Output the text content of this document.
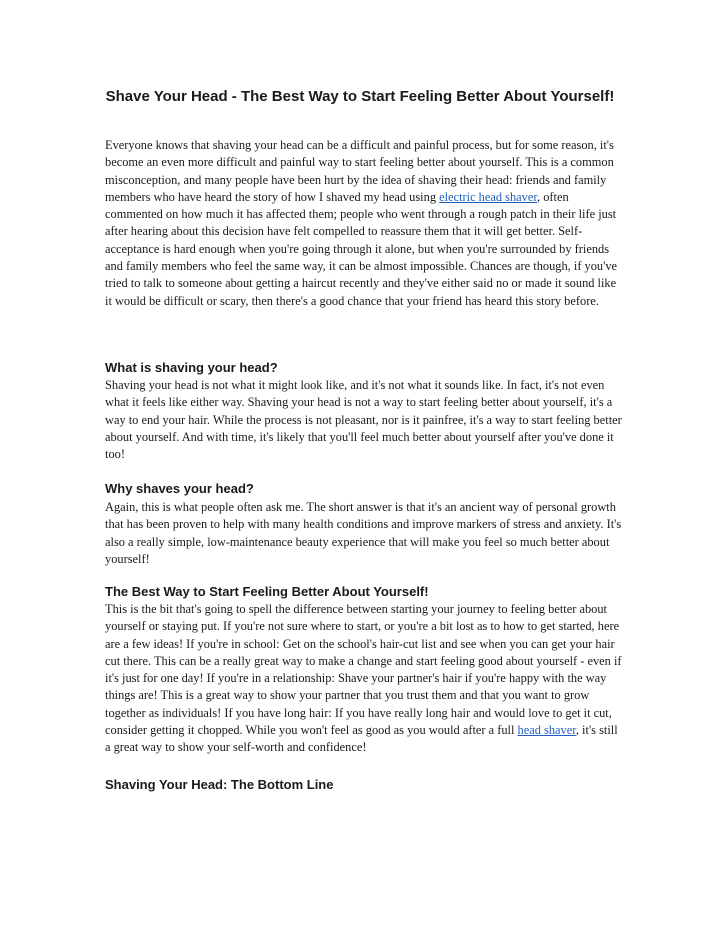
Shave Your Head - The Best Way to Start Feeling Better About Yourself!

Everyone knows that shaving your head can be a difficult and painful process, but for some reason, it's become an even more difficult and painful way to start feeling better about yourself. This is a common misconception, and many people have been hurt by the idea of shaving their head: friends and family members who have heard the story of how I shaved my head using electric head shaver, often commented on how much it has affected them; people who went through a rough patch in their life just after hearing about this decision have felt compelled to reassure them that it will get better. Self-acceptance is hard enough when you're going through it alone, but when you're surrounded by friends and family members who feel the same way, it can be almost impossible. Chances are though, if you've tried to talk to someone about getting a haircut recently and they've either said no or made it sound like it would be difficult or scary, then there's a good chance that your friend has heard this story before.

What is shaving your head?

Shaving your head is not what it might look like, and it's not what it sounds like. In fact, it's not even what it feels like either way. Shaving your head is not a way to start feeling better about yourself, it's a way to end your hair. While the process is not pleasant, nor is it painfree, it's a way to start feeling better about yourself. And with time, it's likely that you'll feel much better about yourself after you've done it too!

Why shaves your head?

Again, this is what people often ask me. The short answer is that it's an ancient way of personal growth that has been proven to help with many health conditions and improve markers of stress and anxiety. It's also a really simple, low-maintenance beauty experience that will make you feel so much better about yourself!

The Best Way to Start Feeling Better About Yourself!

This is the bit that's going to spell the difference between starting your journey to feeling better about yourself or staying put. If you're not sure where to start, or you're a bit lost as to how to get started, here are a few ideas! If you're in school: Get on the school's hair-cut list and see when you can get your hair cut there. This can be a really great way to make a change and start feeling good about yourself - even if it's just for one day! If you're in a relationship: Shave your partner's hair if you're happy with the way things are! This is a great way to show your partner that you trust them and that you want to grow together as individuals! If you have long hair: If you have really long hair and would love to get it cut, consider getting it chopped. While you won't feel as good as you would after a full head shaver, it's still a great way to show your self-worth and confidence!

Shaving Your Head: The Bottom Line
